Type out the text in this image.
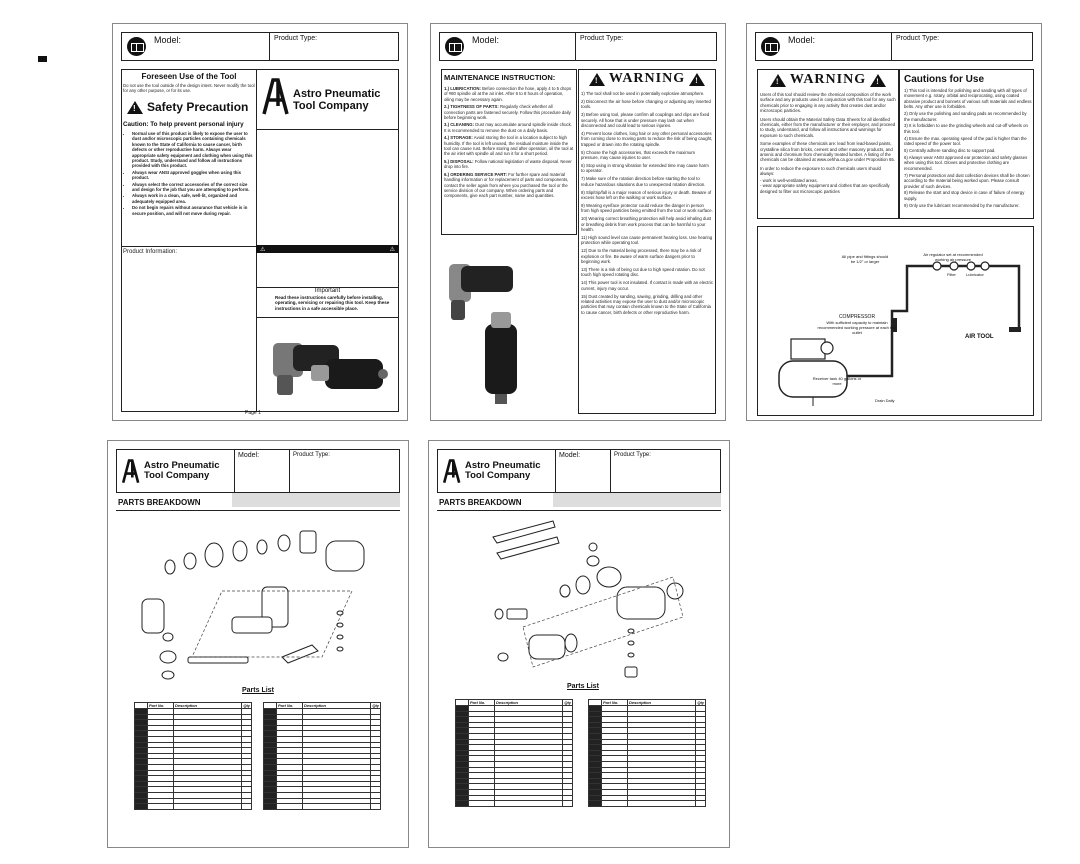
Model:	Product Type:
Foreseen Use of the Tool
Do not use the tool outside of the design intent. Never modify the tool for any other purpose, or for its use.
!
Safety Precaution
Caution: To help prevent personal injury
• Normal use of this product is likely to expose the user to dust and/or microscopic particles containing chemicals known to the State of California to cause cancer, birth defects or other reproductive harm. Always wear appropriate safety equipment and clothing when using this product. Study, understand and follow all instructions provided with this product.
• Always wear ANSI approved goggles when using this product.
• Always select the correct accessories of the correct size and design for the job that you are attempting to perform.
• Always work in a clean, safe, well-lit, organized and adequately equipped area.
• Do not begin repairs without assurance that vehicle is in secure position, and will not move during repair.
Product Information:
Astro Pneumatic
Tool Company
⚠	⚠
Important
Read these instructions carefully before installing, operating, servicing or repairing this tool. Keep these instructions in a safe accessible place.
Page 1
Model:	Product Type:
MAINTENANCE INSTRUCTION:
1.) LUBRICATION: Before connection the hose, apply 4 to 5 drops of #80 spindle oil at the air inlet. After 6 to 8 hours of operation, oiling may be necessary again.
2.) TIGHTNESS OF PARTS: Regularly check whether all connection parts are fastened securely. Follow this procedure daily before beginning work.
3.) CLEANING: Dust may accumulate around spindle inside chuck. It is recommended to remove the dust on a daily basis.
4.) STORAGE: Avoid storing the tool in a location subject to high humidity. If the tool is left unused, the residual moisture inside the tool can cause rust. Before storing and after operation, oil the tool at the air inlet with spindle oil and run it for a short period.
5.) DISPOSAL: Follow national legislation of waste disposal. Never drop into fire.
6.) ORDERING SERVICE PART: For further spare and material handling information or for replacement of parts and components, contact the seller again from where you purchased the tool or the service division of our company. When ordering parts and components, give each part number, name and quantities.
!
WARNING
!
1) The tool shall not be used in potentially explosive atmosphere.
2) Disconnect the air hose before changing or adjusting any inserted tools.
3) Before using tool, please confirm all couplings and clips are fixed securely. All hose that is under pressure may lash out when disconnected and could lead to serious injuries.
4) Prevent loose clothes, long hair or any other personal accessories from coming close to moving parts to reduce the risk of being caught, trapped or drawn into the rotating spindle.
5) Choose the high accessories, that exceeds the maximum pressure, may cause injuries to user.
6) Stop using in strong vibration for extended time may cause harm to operator.
7) Make sure of the rotation direction before starting the tool to reduce hazardous situations due to unexpected rotation direction.
8) Slip/trip/fall is a major reason of serious injury or death. Beware of excess hose left on the walking or work surface.
9) Wearing eye/face protector could reduce the danger in person from high speed particles being emitted from the tool or work surface.
10) Wearing correct breathing protection will help avoid inhaling dust or breathing debris from work process that can be harmful to your health.
11) High sound level can cause permanent hearing loss. Use hearing protection while operating tool.
12) Due to the material being processed, there may be a risk of explosion or fire. Be aware of warm surface dangers prior to beginning work.
13) There is a risk of being cut due to high speed rotation. Do not touch high speed rotating disc.
14) This power tool is not insulated. If contact is made with an electric current, injury may occur.
15) Dust created by sanding, sawing, grinding, drilling and other related activities may expose the user to dust and/or microscopic particles that may contain chemicals known to the State of California to cause cancer, birth defects or other reproductive harm.
Model:	Product Type:
!
WARNING
!
Users of this tool should review the chemical composition of the work surface and any products used in conjunction with this tool for any such chemicals prior to engaging in any activity that creates dust and/or microscopic particles.
Users should obtain the Material Safety Data Sheets for all identified chemicals, either from the manufacturer or their employer, and proceed to study, understand, and follow all instructions and warnings for exposure to such chemicals.
Some examples of these chemicals are: lead from lead-based paints, crystalline silica from bricks, cement and other masonry products, and arsenic and chromium from chemically treated lumber. A listing of the chemicals can be obtained at www.oehha.ca.gov under Proposition 65.
In order to reduce the exposure to such chemicals users should always:
- work in well-ventilated areas.
- wear appropriate safety equipment and clothes that are specifically designed to filter out microscopic particles
Cautions for Use
1) This tool is intended for polishing and sanding with all types of movement e.g. rotary, orbital and reciprocating, using coated abrasive product and bonnets of various soft materials and endless belts. Any other use is forbidden.
2) Only use the polishing and sanding pads as recommended by the manufacturer.
3) It is forbidden to use the grinding wheels and cut-off wheels on this tool.
4) Ensure the max. operating speed of the pad is higher than the rated speed of the power tool.
5) Centrally adhere sanding disc to support pad.
6) Always wear ANSI approved ear protection and safety glasses when using this tool. Gloves and protective clothing are recommended.
7) Personal protection and dust collection devices shall be chosen according to the material being worked upon. Please consult provider of such devices.
8) Release the start and stop device in case of failure of energy supply.
9) Only use the lubricant recommended by the manufacturer.
All pipe and fittings should be 1/2" or larger
Air regulator set at recommended working air pressure
Filter	Lubricator
COMPRESSOR
With sufficient capacity to maintain recommended working pressure at each tool outlet
AIR TOOL
Receiver tank 40 gallons or more
Drain Daily
Astro Pneumatic
Tool Company
Model:	Product Type:
PARTS BREAKDOWN
Parts List
	Part No.	Description	Qty

		Part No.	Description	Qty

Astro Pneumatic
Tool Company
Model:	Product Type:
PARTS BREAKDOWN
Parts List
	Part No.	Description	Qty

		Part No.	Description	Qty
